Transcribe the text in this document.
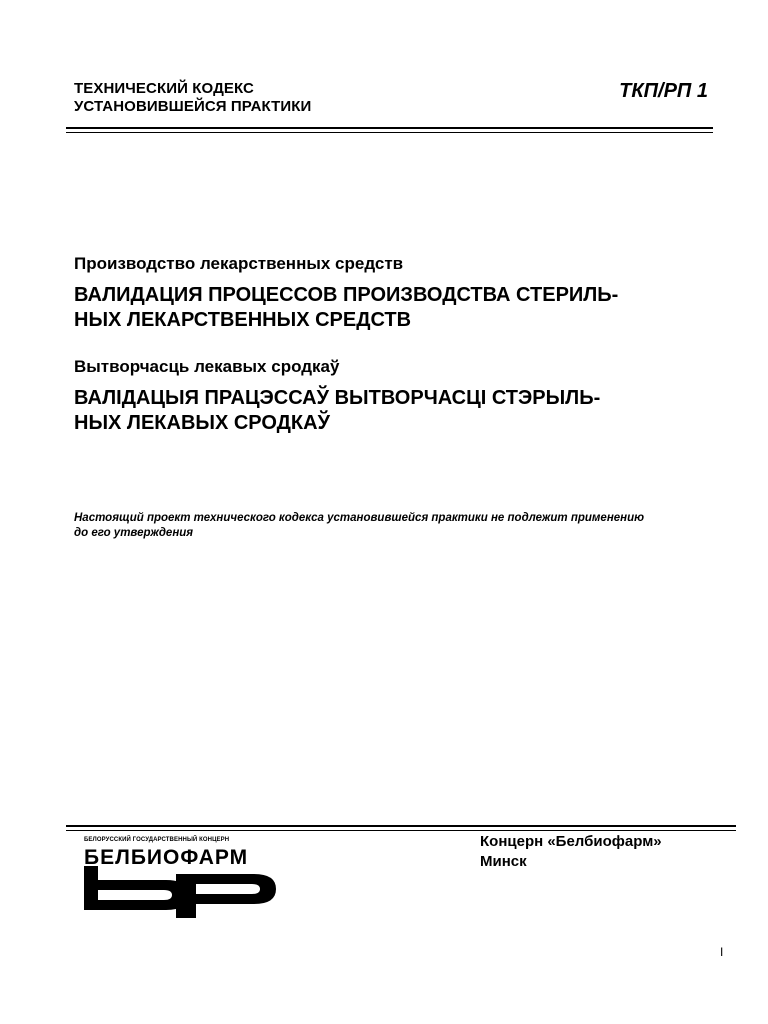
ТЕХНИЧЕСКИЙ КОДЕКС
УСТАНОВИВШЕЙСЯ ПРАКТИКИ
ТКП/РП 1
Производство лекарственных средств
ВАЛИДАЦИЯ ПРОЦЕССОВ ПРОИЗВОДСТВА СТЕРИЛЬ-
НЫХ ЛЕКАРСТВЕННЫХ СРЕДСТВ
Вытворчасць лекавых сродкаў
ВАЛІДАЦЫЯ ПРАЦЭССАЎ ВЫТВОРЧАСЦІ СТЭРЫЛЬ-
НЫХ ЛЕКАВЫХ СРОДКАЎ
Настоящий проект технического кодекса установившейся практики не подлежит применению
до его утверждения
БЕЛОРУССКИЙ ГОСУДАРСТВЕННЫЙ КОНЦЕРН
БЕЛБИОФАРМ
Концерн «Белбиофарм»
Минск
I
